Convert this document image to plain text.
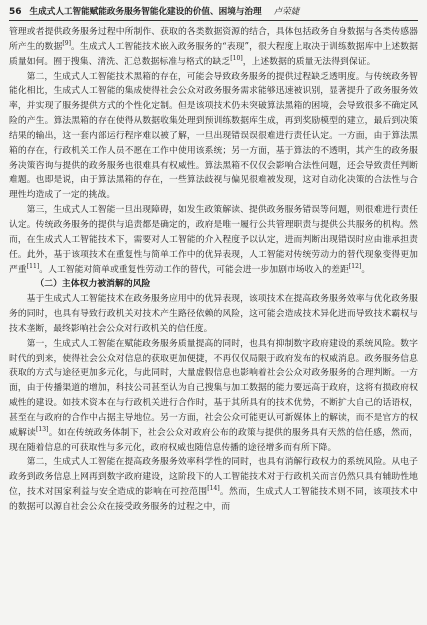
56 生成式人工智能赋能政务服务智能化建设的价值、困境与治理 卢荣婕

管理或者提供政务服务过程中所制作、获取的各类数据资源的结合，具体包括政务自身数据与各类传感器所产生的数据[9]。生成式人工智能技术嵌入政务服务的“表现”，很大程度上取决于训练数据库中上述数据质量如何。囿于搜集、清洗、汇总数据标准与格式的缺乏[10]，上述数据的质量无法得到保证。

第二，生成式人工智能技术黑箱的存在，可能会导致政务服务的提供过程缺乏透明度。与传统政务智能化相比，生成式人工智能的集成使得社会公众对政务服务需求能够迅速被识别，显著提升了政务服务效率，并实现了服务提供方式的个性化定制。但是该项技术仍未突破算法黑箱的困境，会导致很多不确定风险的产生。算法黑箱的存在使得从数据收集处理到预训练数据库生成，再到奖励模型的建立，最后到决策结果的输出，这一套内部运行程序难以被了解，一旦出现错误误很难进行责任认定。一方面，由于算法黑箱的存在，行政机关工作人员不愿在工作中使用该系统；另一方面，基于算法的不透明，其产生的政务服务决策咨询与提供的政务服务也很难具有权威性。算法黑箱不仅仅会影响合法性问题，还会导致责任判断难题。也即是说，由于算法黑箱的存在，一些算法歧视与偏见很难被发现，这对自动化决策的合法性与合理性均造成了一定的挑战。

第三，生成式人工智能一旦出现障碍，如发生政策解读、提供政务服务错误等问题，则很难进行责任认定。传统政务服务的提供与追责都是确定的，政府是唯一履行公共管理职责与提供公共服务的机构。然而，在生成式人工智能技术下，需要对人工智能的介入程度予以认定，进而判断出现错误时应由谁承担责任。此外，基于该项技术在重复性与简单工作中的优异表现，人工智能对传统劳动力的替代现象变得更加严重[11]。人工智能对简单或重复性劳动工作的替代，可能会进一步加剧市场收入的差距[12]。

（二）主体权力被消解的风险

基于生成式人工智能技术在政务服务应用中的优异表现，该项技术在提高政务服务效率与优化政务服务的同时，也具有导致行政机关对技术产生路径依赖的风险，这可能会造成技术异化进而导致技术霸权与技术垄断，最终影响社会公众对行政机关的信任度。

第一，生成式人工智能在赋能政务服务质量提高的同时，也具有抑制数字政府建设的系统风险。数字时代的到来，使得社会公众对信息的获取更加便捷，不再仅仅局限于政府发布的权威消息。政务服务信息获取的方式与途径更加多元化，与此同时，大量虚假信息也影响着社会公众对政务服务的合理判断。一方面，由于传播渠道的增加，科技公司甚至认为自己搜集与加工数据的能力要远高于政府，这将有损政府权威性的建设。如技术资本在与行政机关进行合作时，基于其所具有的技术优势，不断扩大自己的话语权，甚至在与政府的合作中占据主导地位。另一方面，社会公众可能更认可新媒体上的解读，而不是官方的权威解读[13]。如在传统政务体制下，社会公众对政府公布的政策与提供的服务具有天然的信任感，然而，现在随着信息的可获取性与多元化，政府权威也随信息传播的途径增多而有所下降。

第二，生成式人工智能在提高政务服务效率科学性的同时，也具有消解行政权力的系统风险。从电子政务到政务信息上网再到数字政府建设，这阶段下的人工智能技术对于行政机关而言仍然只具有辅助性地位，技术对国家利益与安全造成的影响在可控范围[14]。然而，生成式人工智能技术则不同，该项技术中的数据可以源自社会公众在接受政务服务的过程之中，而
